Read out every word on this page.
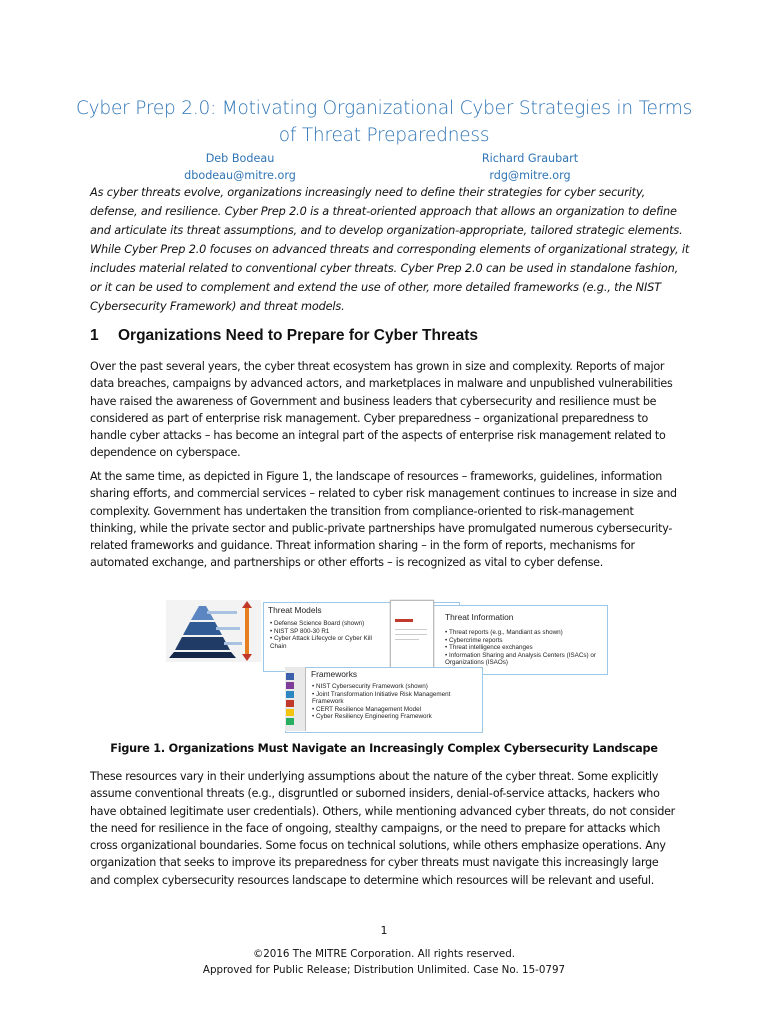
Cyber Prep 2.0: Motivating Organizational Cyber Strategies in Terms
of Threat Preparedness
Deb Bodeau
dbodeau@mitre.org
Richard Graubart
rdg@mitre.org
As cyber threats evolve, organizations increasingly need to define their strategies for cyber security, defense, and resilience. Cyber Prep 2.0 is a threat-oriented approach that allows an organization to define and articulate its threat assumptions, and to develop organization-appropriate, tailored strategic elements. While Cyber Prep 2.0 focuses on advanced threats and corresponding elements of organizational strategy, it includes material related to conventional cyber threats. Cyber Prep 2.0 can be used in standalone fashion, or it can be used to complement and extend the use of other, more detailed frameworks (e.g., the NIST Cybersecurity Framework) and threat models.
1 Organizations Need to Prepare for Cyber Threats
Over the past several years, the cyber threat ecosystem has grown in size and complexity. Reports of major data breaches, campaigns by advanced actors, and marketplaces in malware and unpublished vulnerabilities have raised the awareness of Government and business leaders that cybersecurity and resilience must be considered as part of enterprise risk management. Cyber preparedness – organizational preparedness to handle cyber attacks – has become an integral part of the aspects of enterprise risk management related to dependence on cyberspace.
At the same time, as depicted in Figure 1, the landscape of resources – frameworks, guidelines, information sharing efforts, and commercial services – related to cyber risk management continues to increase in size and complexity. Government has undertaken the transition from compliance-oriented to risk-management thinking, while the private sector and public-private partnerships have promulgated numerous cybersecurity-related frameworks and guidance. Threat information sharing – in the form of reports, mechanisms for automated exchange, and partnerships or other efforts – is recognized as vital to cyber defense.
Threat Models
• Defense Science Board (shown)
• NIST SP 800-30 R1
• Cyber Attack Lifecycle or Cyber Kill Chain
Threat Information
• Threat reports (e.g., Mandiant as shown)
• Cybercrime reports
• Threat intelligence exchanges
• Information Sharing and Analysis Centers (ISACs) or Organizations (ISAOs)
Frameworks
• NIST Cybersecurity Framework (shown)
• Joint Transformation Initiative Risk Management Framework
• CERT Resilience Management Model
• Cyber Resiliency Engineering Framework
Figure 1. Organizations Must Navigate an Increasingly Complex Cybersecurity Landscape
These resources vary in their underlying assumptions about the nature of the cyber threat. Some explicitly assume conventional threats (e.g., disgruntled or suborned insiders, denial-of-service attacks, hackers who have obtained legitimate user credentials). Others, while mentioning advanced cyber threats, do not consider the need for resilience in the face of ongoing, stealthy campaigns, or the need to prepare for attacks which cross organizational boundaries. Some focus on technical solutions, while others emphasize operations. Any organization that seeks to improve its preparedness for cyber threats must navigate this increasingly large and complex cybersecurity resources landscape to determine which resources will be relevant and useful.
1
©2016 The MITRE Corporation. All rights reserved.
Approved for Public Release; Distribution Unlimited. Case No. 15-0797
